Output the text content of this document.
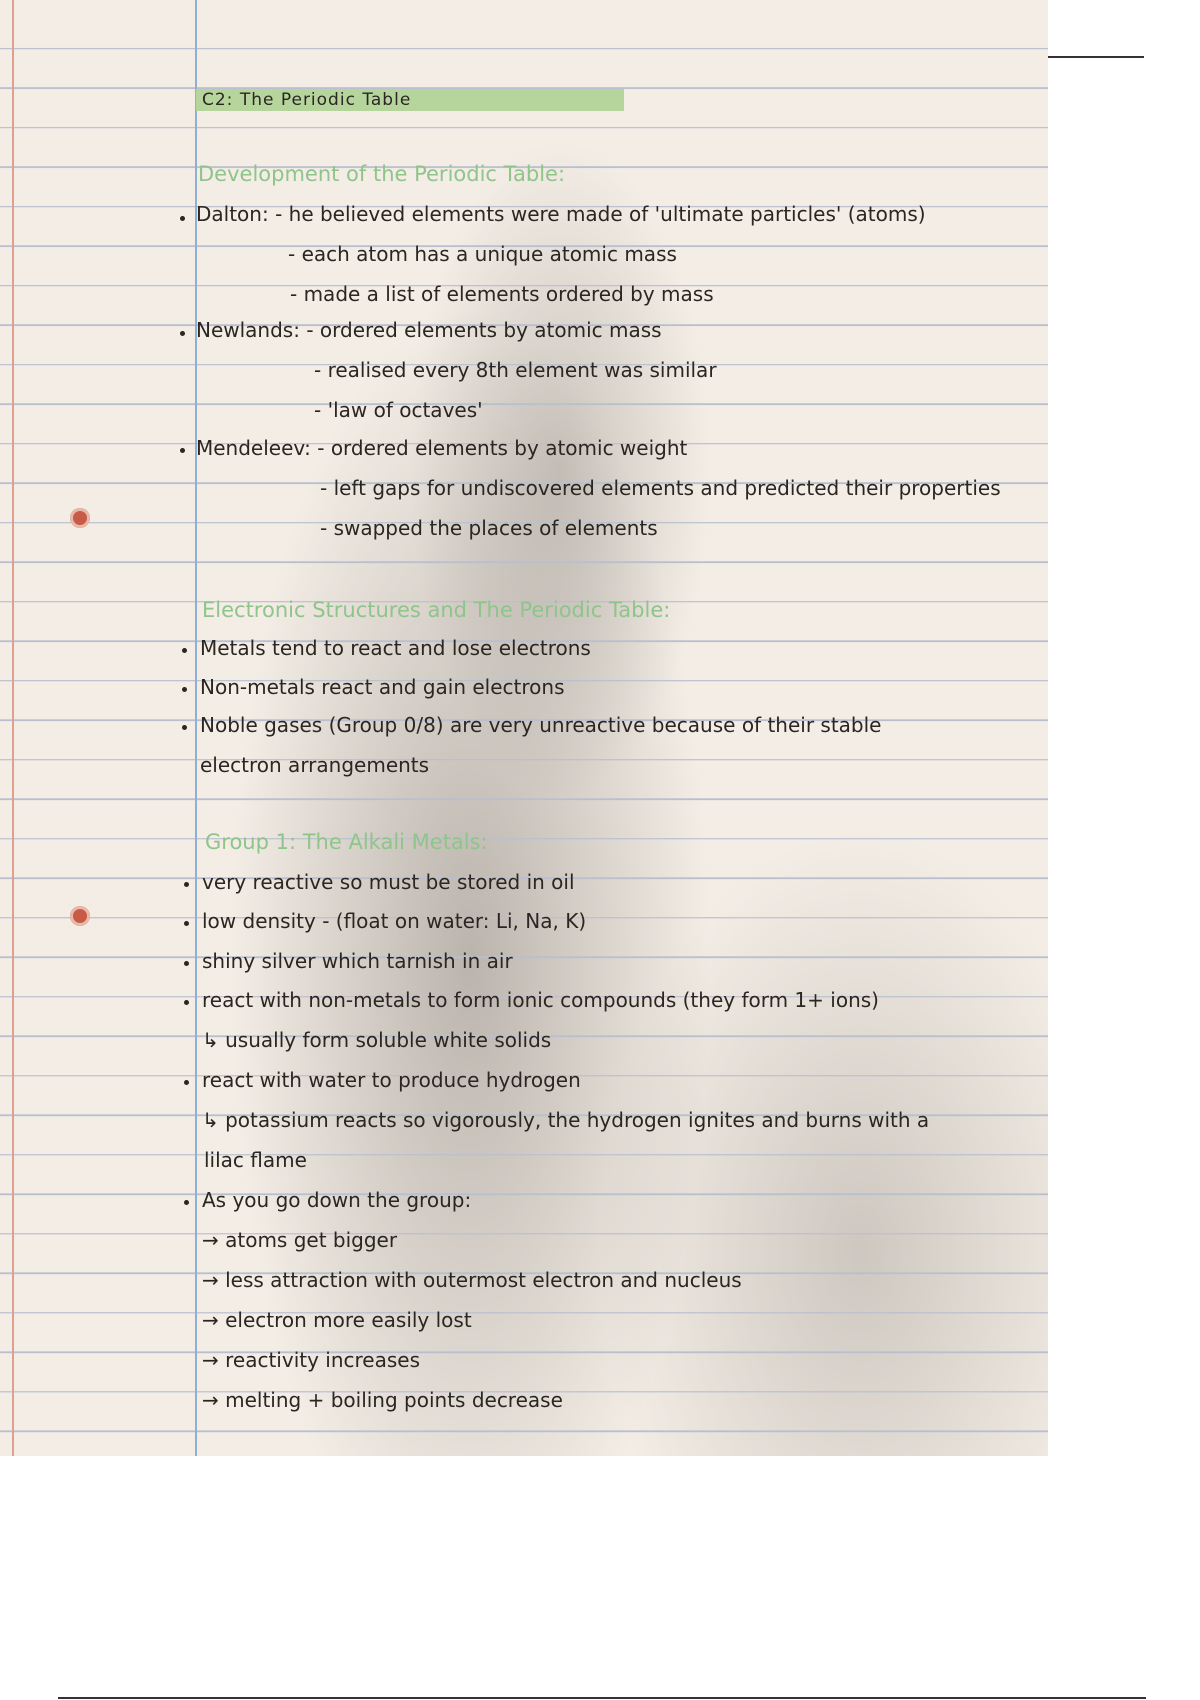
C2: The Periodic Table
Development of the Periodic Table:
Dalton: - he believed elements were made of 'ultimate particles' (atoms)
- each atom has a unique atomic mass
- made a list of elements ordered by mass
Newlands: - ordered elements by atomic mass
- realised every 8th element was similar
- 'law of octaves'
Mendeleev: - ordered elements by atomic weight
- left gaps for undiscovered elements and predicted their properties
- swapped the places of elements
Electronic Structures and The Periodic Table:
Metals tend to react and lose electrons
Non-metals react and gain electrons
Noble gases (Group 0/8) are very unreactive because of their stable
electron arrangements
Group 1: The Alkali Metals:
very reactive so must be stored in oil
low density - (float on water: Li, Na, K)
shiny silver which tarnish in air
react with non-metals to form ionic compounds (they form 1+ ions)
↳ usually form soluble white solids
react with water to produce hydrogen
↳ potassium reacts so vigorously, the hydrogen ignites and burns with a
lilac flame
As you go down the group:
→ atoms get bigger
→ less attraction with outermost electron and nucleus
→ electron more easily lost
→ reactivity increases
→ melting + boiling points decrease
